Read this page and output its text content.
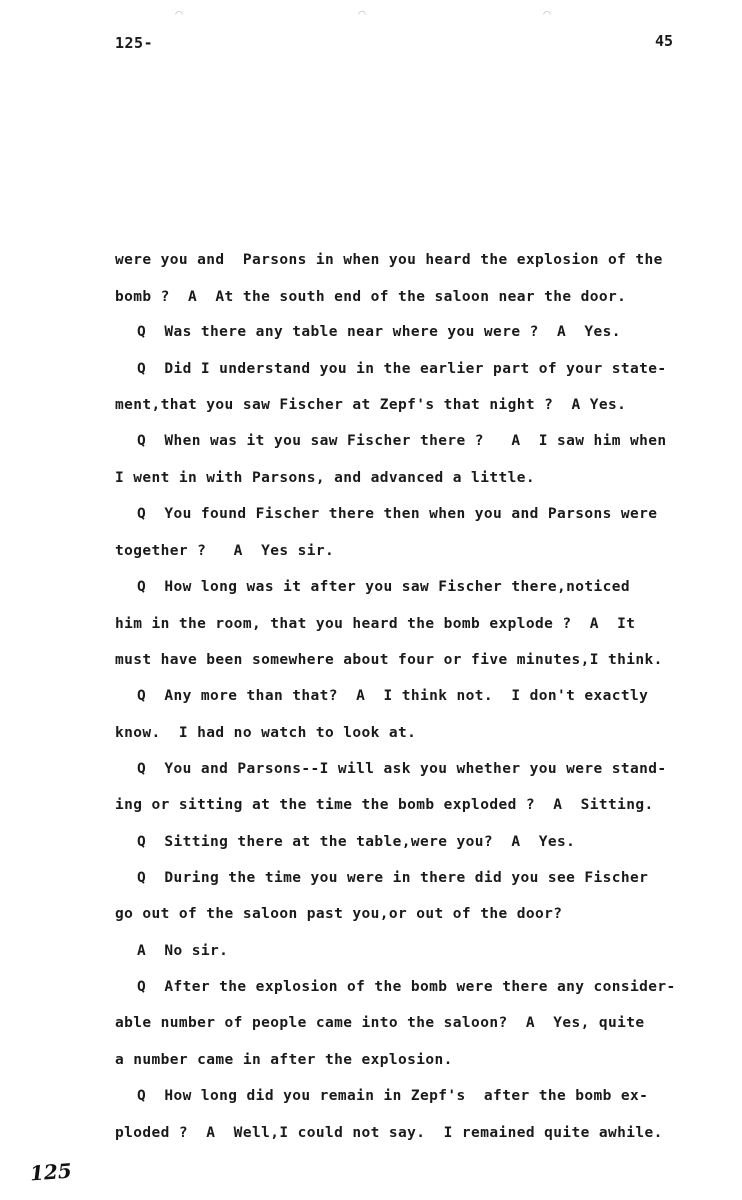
⌒	⌒	⌒
125-	45
were you and  Parsons in when you heard the explosion of the
bomb ?  A  At the south end of the saloon near the door.
Q  Was there any table near where you were ?  A  Yes.
Q  Did I understand you in the earlier part of your state-
ment,that you saw Fischer at Zepf's that night ?  A Yes.
Q  When was it you saw Fischer there ?   A  I saw him when
I went in with Parsons, and advanced a little.
Q  You found Fischer there then when you and Parsons were
together ?   A  Yes sir.
Q  How long was it after you saw Fischer there,noticed
him in the room, that you heard the bomb explode ?  A  It
must have been somewhere about four or five minutes,I think.
Q  Any more than that?  A  I think not.  I don't exactly
know.  I had no watch to look at.
Q  You and Parsons--I will ask you whether you were stand-
ing or sitting at the time the bomb exploded ?  A  Sitting.
Q  Sitting there at the table,were you?  A  Yes.
Q  During the time you were in there did you see Fischer
go out of the saloon past you,or out of the door?
A  No sir.
Q  After the explosion of the bomb were there any consider-
able number of people came into the saloon?  A  Yes, quite
a number came in after the explosion.
Q  How long did you remain in Zepf's  after the bomb ex-
ploded ?  A  Well,I could not say.  I remained quite awhile.
125
